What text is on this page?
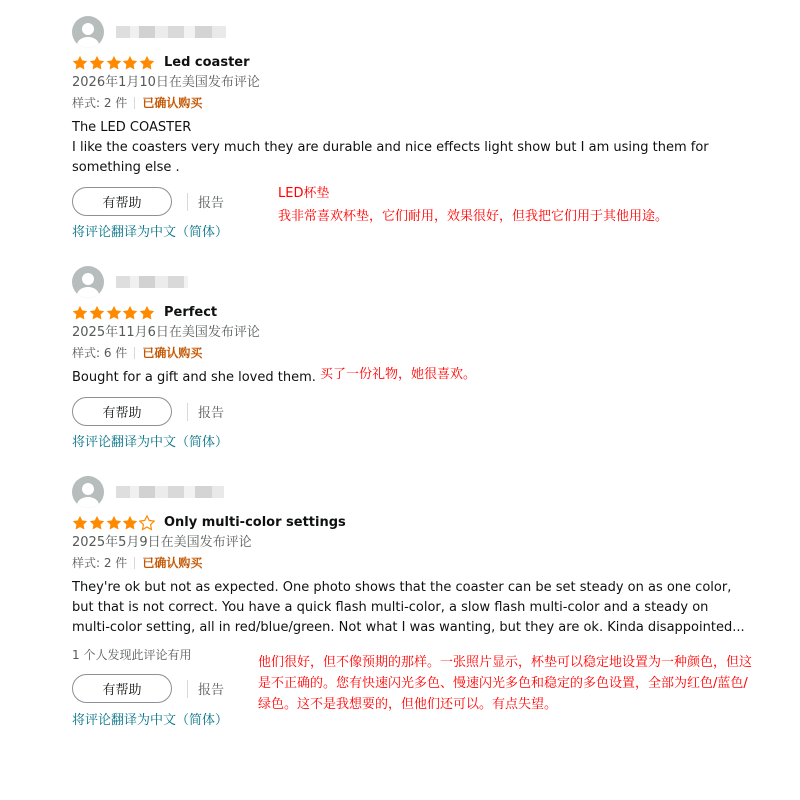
Led coaster
2026年1月10日在美国发布评论
样式: 2 件 已确认购买
The LED COASTER
I like the coasters very much they are durable and nice effects light show but I am using them for something else .
有帮助	报告
将评论翻译为中文（简体）
LED杯垫
我非常喜欢杯垫，它们耐用，效果很好，但我把它们用于其他用途。
Perfect
2025年11月6日在美国发布评论
样式: 6 件 已确认购买
Bought for a gift and she loved them.
有帮助	报告
将评论翻译为中文（简体）
买了一份礼物，她很喜欢。
Only multi-color settings
2025年5月9日在美国发布评论
样式: 2 件 已确认购买
They're ok but not as expected. One photo shows that the coaster can be set steady on as one color, but that is not correct. You have a quick flash multi-color, a slow flash multi-color and a steady on multi-color setting, all in red/blue/green. Not what I was wanting, but they are ok. Kinda disappointed...
1 个人发现此评论有用
有帮助	报告
将评论翻译为中文（简体）
他们很好，但不像预期的那样。一张照片显示，杯垫可以稳定地设置为一种颜色，但这是不正确的。您有快速闪光多色、慢速闪光多色和稳定的多色设置，全部为红色/蓝色/绿色。这不是我想要的，但他们还可以。有点失望。
